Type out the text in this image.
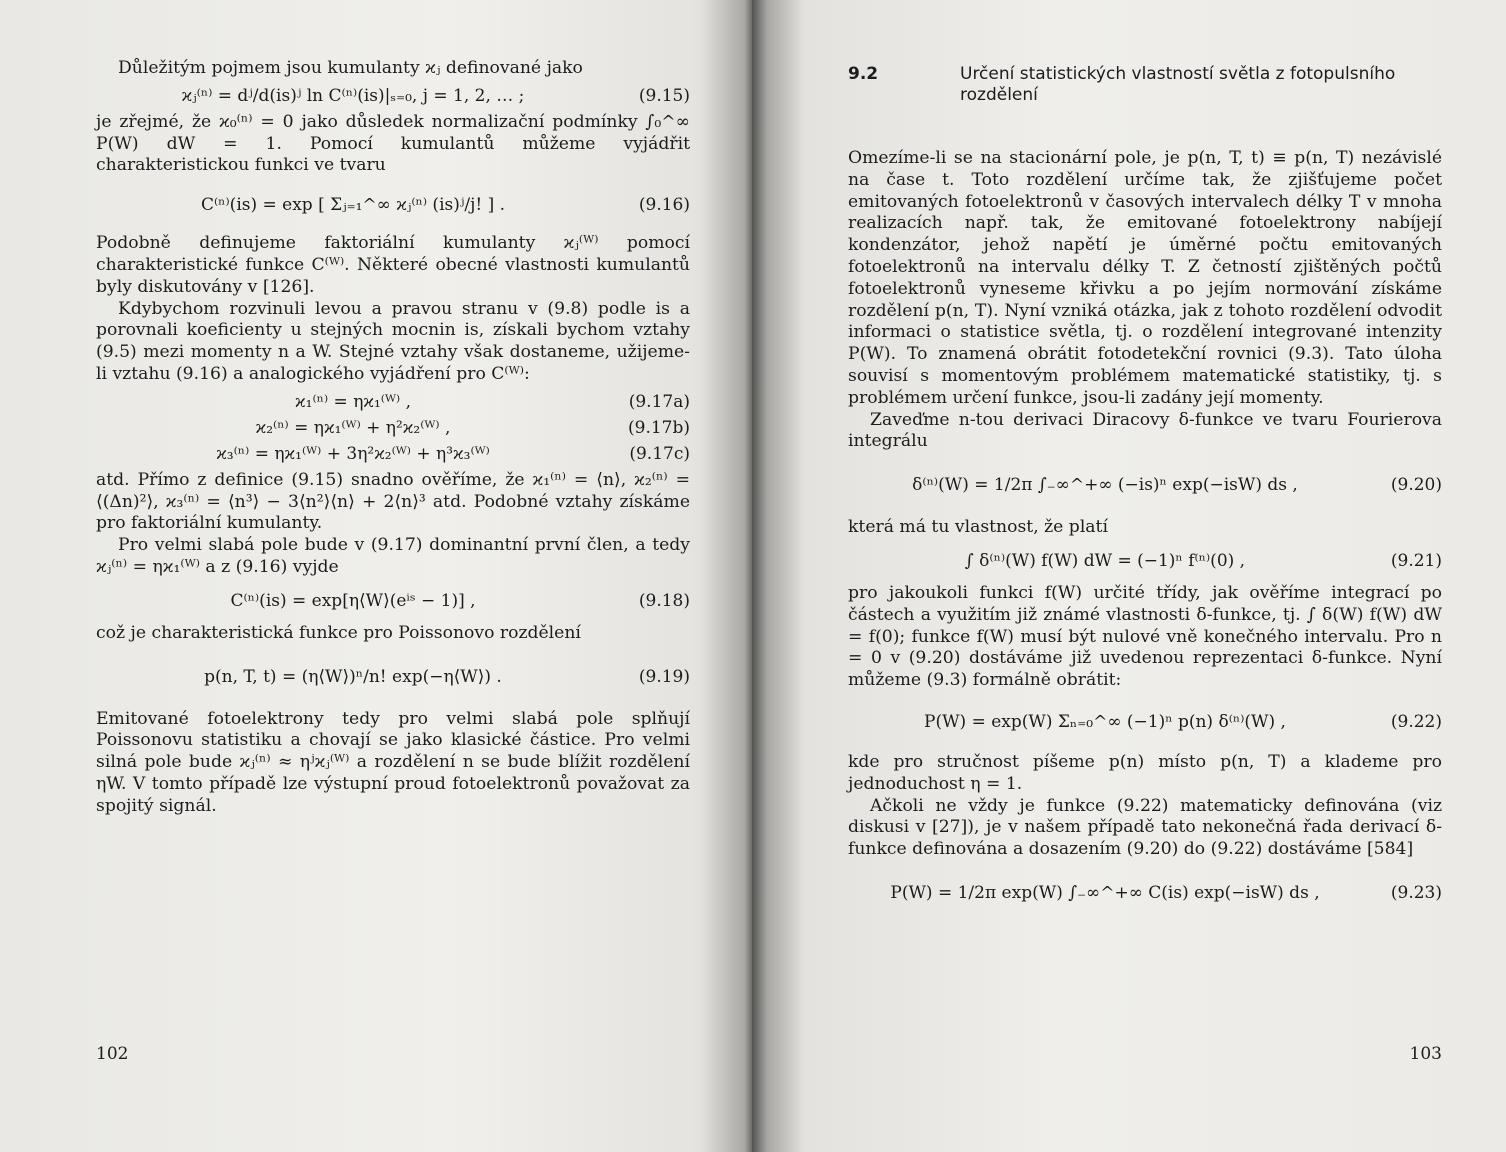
Důležitým pojmem jsou kumulanty ϰⱼ definované jako

ϰⱼ⁽ⁿ⁾ = dʲ/d(is)ʲ ln C⁽ⁿ⁾(is)|ₛ₌₀, j = 1, 2, … ;	(9.15)

je zřejmé, že ϰ₀⁽ⁿ⁾ = 0 jako důsledek normalizační podmínky ∫₀^∞ P(W) dW = 1. Pomocí kumulantů můžeme vyjádřit charakteristickou funkci ve tvaru

C⁽ⁿ⁾(is) = exp [ Σⱼ₌₁^∞ ϰⱼ⁽ⁿ⁾ (is)ʲ/j! ] .	(9.16)

Podobně definujeme faktoriální kumulanty ϰⱼ⁽ᵂ⁾ pomocí charakteristické funkce C⁽ᵂ⁾. Některé obecné vlastnosti kumulantů byly diskutovány v [126].

Kdybychom rozvinuli levou a pravou stranu v (9.8) podle is a porovnali koeficienty u stejných mocnin is, získali bychom vztahy (9.5) mezi momenty n a W. Stejné vztahy však dostaneme, užijeme-li vztahu (9.16) a analogického vyjádření pro C⁽ᵂ⁾:

ϰ₁⁽ⁿ⁾ = ηϰ₁⁽ᵂ⁾ ,	(9.17a)
ϰ₂⁽ⁿ⁾ = ηϰ₁⁽ᵂ⁾ + η²ϰ₂⁽ᵂ⁾ ,	(9.17b)
ϰ₃⁽ⁿ⁾ = ηϰ₁⁽ᵂ⁾ + 3η²ϰ₂⁽ᵂ⁾ + η³ϰ₃⁽ᵂ⁾	(9.17c)

atd. Přímo z definice (9.15) snadno ověříme, že ϰ₁⁽ⁿ⁾ = ⟨n⟩, ϰ₂⁽ⁿ⁾ = ⟨(Δn)²⟩, ϰ₃⁽ⁿ⁾ = ⟨n³⟩ − 3⟨n²⟩⟨n⟩ + 2⟨n⟩³ atd. Podobné vztahy získáme pro faktoriální kumulanty.

Pro velmi slabá pole bude v (9.17) dominantní první člen, a tedy ϰⱼ⁽ⁿ⁾ = ηϰ₁⁽ᵂ⁾ a z (9.16) vyjde

C⁽ⁿ⁾(is) = exp[η⟨W⟩(eⁱˢ − 1)] ,	(9.18)

což je charakteristická funkce pro Poissonovo rozdělení

p(n, T, t) = (η⟨W⟩)ⁿ/n! exp(−η⟨W⟩) .	(9.19)

Emitované fotoelektrony tedy pro velmi slabá pole splňují Poissonovu statistiku a chovají se jako klasické částice. Pro velmi silná pole bude ϰⱼ⁽ⁿ⁾ ≈ ηʲϰⱼ⁽ᵂ⁾ a rozdělení n se bude blížit rozdělení ηW. V tomto případě lze výstupní proud fotoelektronů považovat za spojitý signál.

102
9.2	Určení statistických vlastností světla z fotopulsního rozdělení

Omezíme-li se na stacionární pole, je p(n, T, t) ≡ p(n, T) nezávislé na čase t. Toto rozdělení určíme tak, že zjišťujeme počet emitovaných fotoelektronů v časových intervalech délky T v mnoha realizacích např. tak, že emitované fotoelektrony nabíjejí kondenzátor, jehož napětí je úměrné počtu emitovaných fotoelektronů na intervalu délky T. Z četností zjištěných počtů fotoelektronů vyneseme křivku a po jejím normování získáme rozdělení p(n, T). Nyní vzniká otázka, jak z tohoto rozdělení odvodit informaci o statistice světla, tj. o rozdělení integrované intenzity P(W). To znamená obrátit fotodetekční rovnici (9.3). Tato úloha souvisí s momentovým problémem matematické statistiky, tj. s problémem určení funkce, jsou-li zadány její momenty.

Zaveďme n-tou derivaci Diracovy δ-funkce ve tvaru Fourierova integrálu

δ⁽ⁿ⁾(W) = 1/2π ∫₋∞^+∞ (−is)ⁿ exp(−isW) ds ,	(9.20)

která má tu vlastnost, že platí

∫ δ⁽ⁿ⁾(W) f(W) dW = (−1)ⁿ f⁽ⁿ⁾(0) ,	(9.21)

pro jakoukoli funkci f(W) určité třídy, jak ověříme integrací po částech a využitím již známé vlastnosti δ-funkce, tj. ∫ δ(W) f(W) dW = f(0); funkce f(W) musí být nulové vně konečného intervalu. Pro n = 0 v (9.20) dostáváme již uvedenou reprezentaci δ-funkce. Nyní můžeme (9.3) formálně obrátit:

P(W) = exp(W) Σₙ₌₀^∞ (−1)ⁿ p(n) δ⁽ⁿ⁾(W) ,	(9.22)

kde pro stručnost píšeme p(n) místo p(n, T) a klademe pro jednoduchost η = 1.

Ačkoli ne vždy je funkce (9.22) matematicky definována (viz diskusi v [27]), je v našem případě tato nekonečná řada derivací δ-funkce definována a dosazením (9.20) do (9.22) dostáváme [584]

P(W) = 1/2π exp(W) ∫₋∞^+∞ C(is) exp(−isW) ds ,	(9.23)
103
